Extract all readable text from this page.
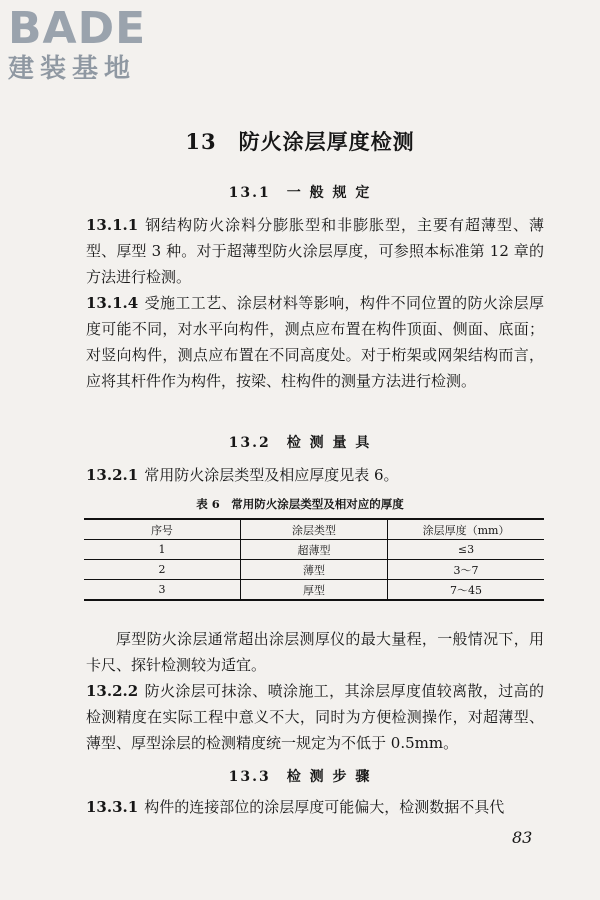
BADE
建装基地
13　防火涂层厚度检测
13.1　一 般 规 定

13.1.1 钢结构防火涂料分膨胀型和非膨胀型，主要有超薄型、薄型、厚型 3 种。对于超薄型防火涂层厚度，可参照本标准第 12 章的方法进行检测。

13.1.4 受施工工艺、涂层材料等影响，构件不同位置的防火涂层厚度可能不同，对水平向构件，测点应布置在构件顶面、侧面、底面；对竖向构件，测点应布置在不同高度处。对于桁架或网架结构而言，应将其杆件作为构件，按梁、柱构件的测量方法进行检测。

13.2　检 测 量 具

13.2.1 常用防火涂层类型及相应厚度见表 6。

表 6　常用防火涂层类型及相对应的厚度
序号	涂层类型	涂层厚度（mm）
1	超薄型	≤3
2	薄型	3～7
3	厚型	7～45

厚型防火涂层通常超出涂层测厚仪的最大量程，一般情况下，用卡尺、探针检测较为适宜。

13.2.2 防火涂层可抹涂、喷涂施工，其涂层厚度值较离散，过高的检测精度在实际工程中意义不大，同时为方便检测操作，对超薄型、薄型、厚型涂层的检测精度统一规定为不低于 0.5mm。

13.3　检 测 步 骤

13.3.1 构件的连接部位的涂层厚度可能偏大，检测数据不具代

83
